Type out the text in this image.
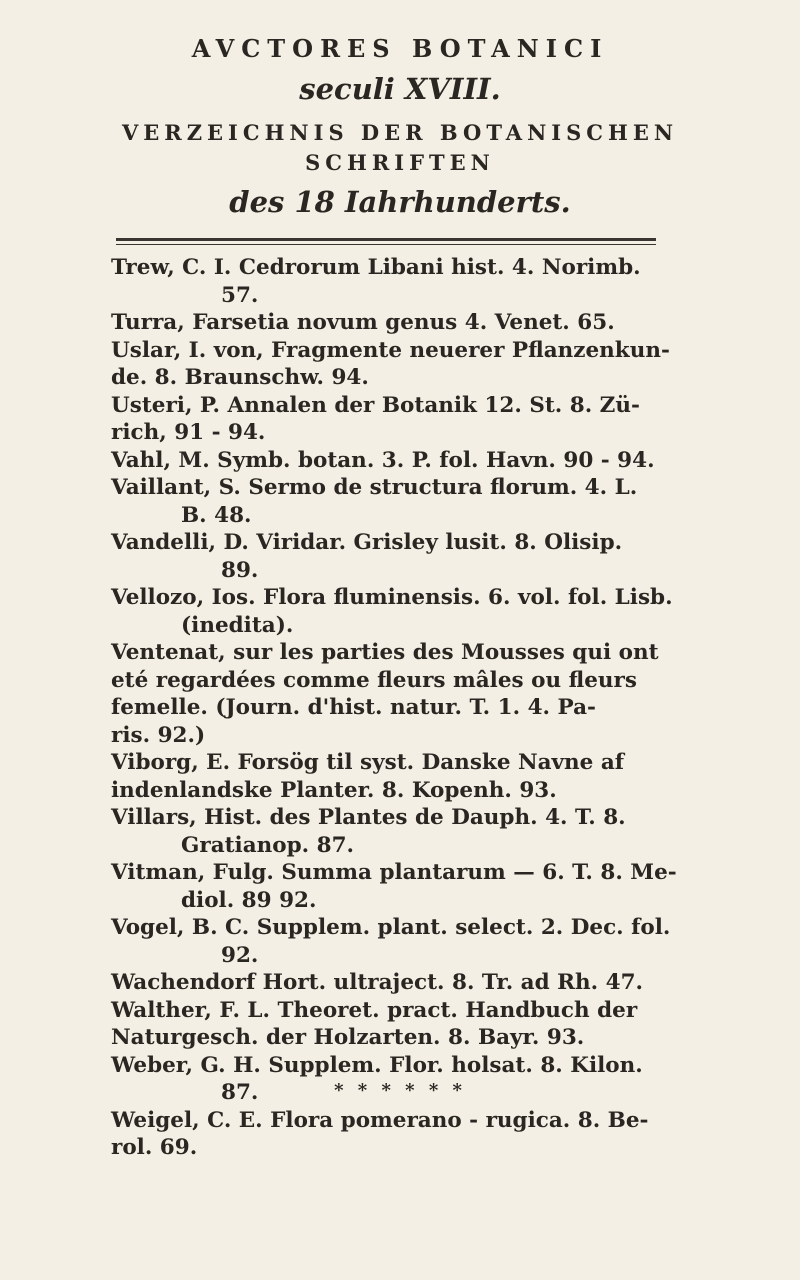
AVCTORES BOTANICI
seculi XVIII.
VERZEICHNIS DER BOTANISCHEN
SCHRIFTEN
des 18 Iahrhunderts.
Trew, C. I. Cedrorum Libani hist. 4. Norimb.
57.
Turra, Farsetia novum genus 4. Venet. 65.
Uslar, I. von, Fragmente neuerer Pflanzenkun-
de. 8. Braunschw. 94.
Usteri, P. Annalen der Botanik 12. St. 8. Zü-
rich, 91 - 94.
Vahl, M. Symb. botan. 3. P. fol. Havn. 90 - 94.
Vaillant, S. Sermo de structura florum. 4. L.
B. 48.
Vandelli, D. Viridar. Grisley lusit. 8. Olisip.
89.
Vellozo, Ios. Flora fluminensis. 6. vol. fol. Lisb.
(inedita).
Ventenat, sur les parties des Mousses qui ont
eté regardées comme fleurs mâles ou fleurs
femelle. (Journ. d'hist. natur. T. 1. 4. Pa-
ris. 92.)
Viborg, E. Forsög til syst. Danske Navne af
indenlandske Planter. 8. Kopenh. 93.
Villars, Hist. des Plantes de Dauph. 4. T. 8.
Gratianop. 87.
Vitman, Fulg. Summa plantarum — 6. T. 8. Me-
diol. 89 92.
Vogel, B. C. Supplem. plant. select. 2. Dec. fol.
92.
Wachendorf Hort. ultraject. 8. Tr. ad Rh. 47.
Walther, F. L. Theoret. pract. Handbuch der
Naturgesch. der Holzarten. 8. Bayr. 93.
Weber, G. H. Supplem. Flor. holsat. 8. Kilon.
87.
Weigel, C. E. Flora pomerano - rugica. 8. Be-
rol. 69.
* * * * * *
